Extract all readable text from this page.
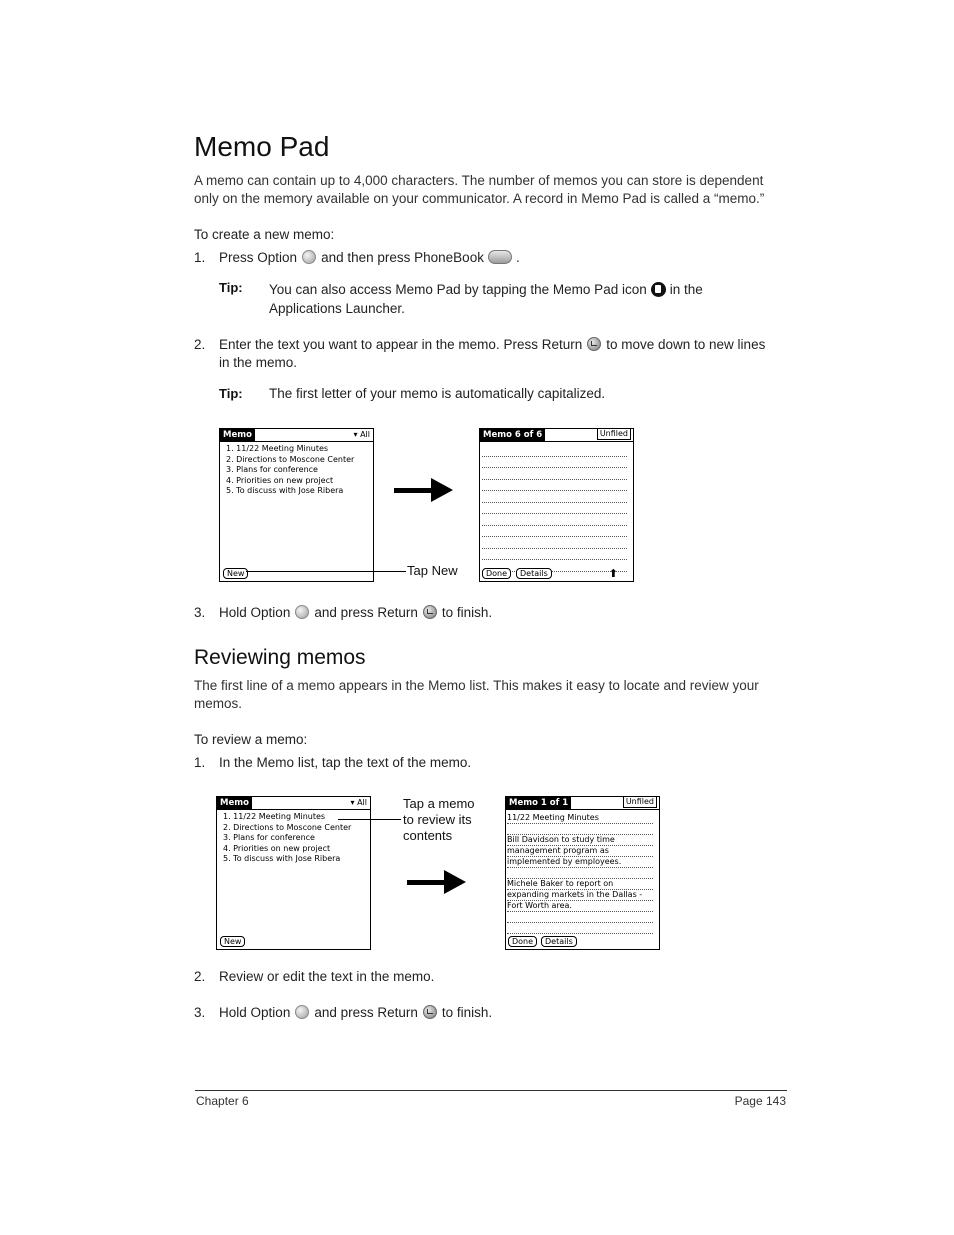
Memo Pad
A memo can contain up to 4,000 characters. The number of memos you can store is dependent only on the memory available on your communicator. A record in Memo Pad is called a “memo.”
To create a new memo:
1. Press Option and then press PhoneBook .
Tip: You can also access Memo Pad by tapping the Memo Pad icon in the
Applications Launcher.
2. Enter the text you want to appear in the memo. Press Return to move down to new lines
in the memo.
Tip: The first letter of your memo is automatically capitalized.
Memo	▾ All
1. 11/22 Meeting Minutes
2. Directions to Moscone Center
3. Plans for conference
4. Priorities on new project
5. To discuss with Jose Ribera
New	Tap New
Memo 6 of 6	Unfiled
Done	Details	⬆
3. Hold Option and press Return to finish.
Reviewing memos
The first line of a memo appears in the Memo list. This makes it easy to locate and review your memos.
To review a memo:
1. In the Memo list, tap the text of the memo.
Memo	▾ All
1. 11/22 Meeting Minutes
2. Directions to Moscone Center
3. Plans for conference
4. Priorities on new project
5. To discuss with Jose Ribera
New
Tap a memo
to review its
contents
Memo 1 of 1	Unfiled
11/22 Meeting Minutes
Bill Davidson to study time
management program as
implemented by employees.
Michele Baker to report on
expanding markets in the Dallas -
Fort Worth area.
Done	Details
2. Review or edit the text in the memo.
3. Hold Option and press Return to finish.
Chapter 6	Page 143
